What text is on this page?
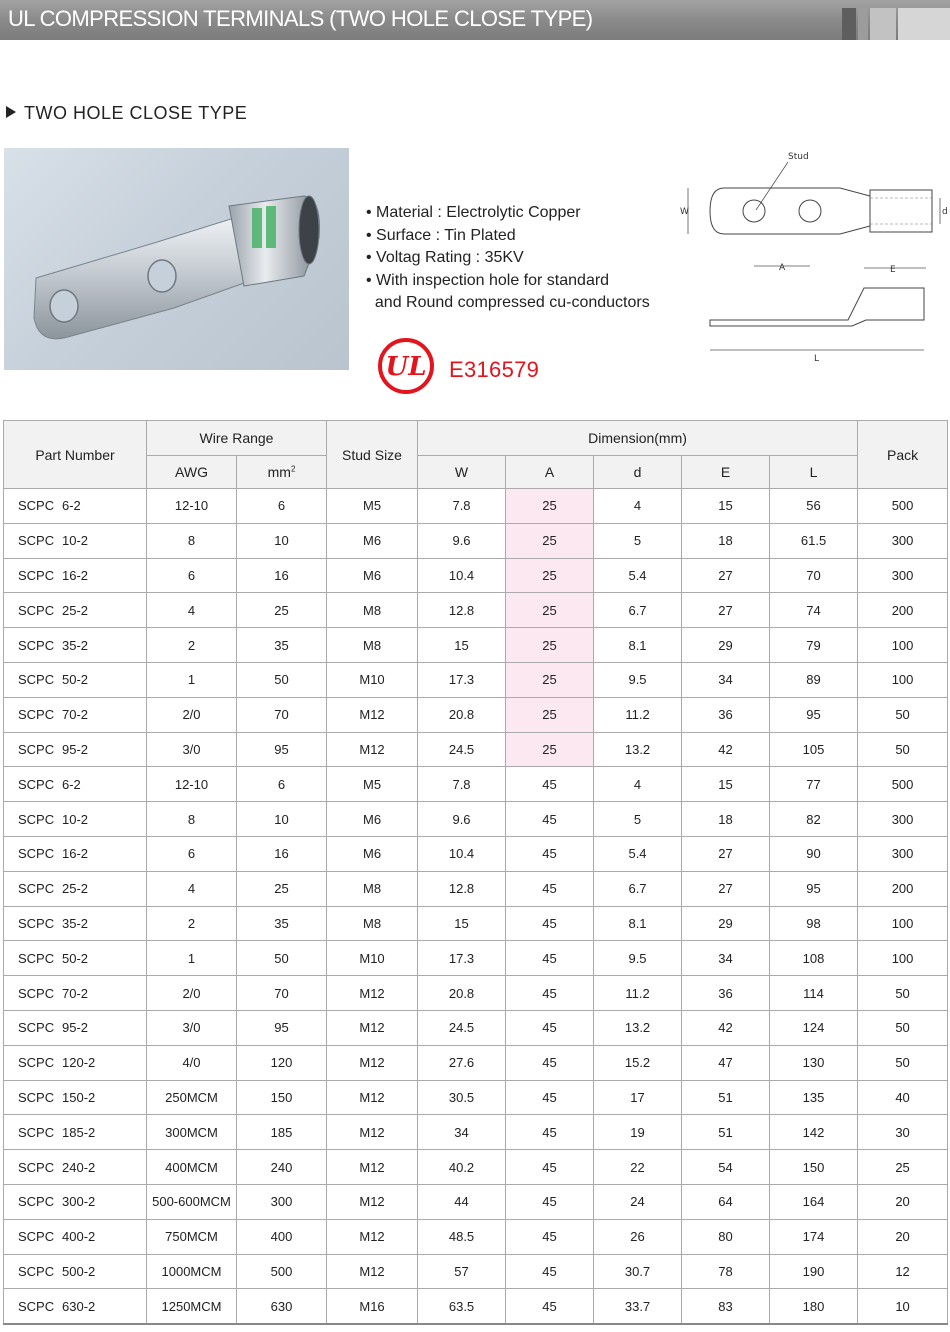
UL COMPRESSION TERMINALS (TWO HOLE CLOSE TYPE)
TWO HOLE CLOSE TYPE
• Material : Electrolytic Copper
• Surface : Tin Plated
• Voltag Rating : 35KV
• With inspection hole for standard
and Round compressed cu-conductors
UL E316579
Stud
W	d
A	E
L
Part Number	Wire Range		Stud Size	Dimension(mm)					Pack
	AWG	$mm^2$		W	A	d	E	L	
SCPC 6-2	12-10	6	M5	7.8	25	4	15	56	500
SCPC 10-2	8	10	M6	9.6	25	5	18	61.5	300
SCPC 16-2	6	16	M6	10.4	25	5.4	27	70	300
SCPC 25-2	4	25	M8	12.8	25	6.7	27	74	200
SCPC 35-2	2	35	M8	15	25	8.1	29	79	100
SCPC 50-2	1	50	M10	17.3	25	9.5	34	89	100
SCPC 70-2	2/0	70	M12	20.8	25	11.2	36	95	50
SCPC 95-2	3/0	95	M12	24.5	25	13.2	42	105	50
SCPC 6-2	12-10	6	M5	7.8	45	4	15	77	500
SCPC 10-2	8	10	M6	9.6	45	5	18	82	300
SCPC 16-2	6	16	M6	10.4	45	5.4	27	90	300
SCPC 25-2	4	25	M8	12.8	45	6.7	27	95	200
SCPC 35-2	2	35	M8	15	45	8.1	29	98	100
SCPC 50-2	1	50	M10	17.3	45	9.5	34	108	100
SCPC 70-2	2/0	70	M12	20.8	45	11.2	36	114	50
SCPC 95-2	3/0	95	M12	24.5	45	13.2	42	124	50
SCPC 120-2	4/0	120	M12	27.6	45	15.2	47	130	50
SCPC 150-2	250MCM	150	M12	30.5	45	17	51	135	40
SCPC 185-2	300MCM	185	M12	34	45	19	51	142	30
SCPC 240-2	400MCM	240	M12	40.2	45	22	54	150	25
SCPC 300-2	500-600MCM	300	M12	44	45	24	64	164	20
SCPC 400-2	750MCM	400	M12	48.5	45	26	80	174	20
SCPC 500-2	1000MCM	500	M12	57	45	30.7	78	190	12
SCPC 630-2	1250MCM	630	M16	63.5	45	33.7	83	180	10
